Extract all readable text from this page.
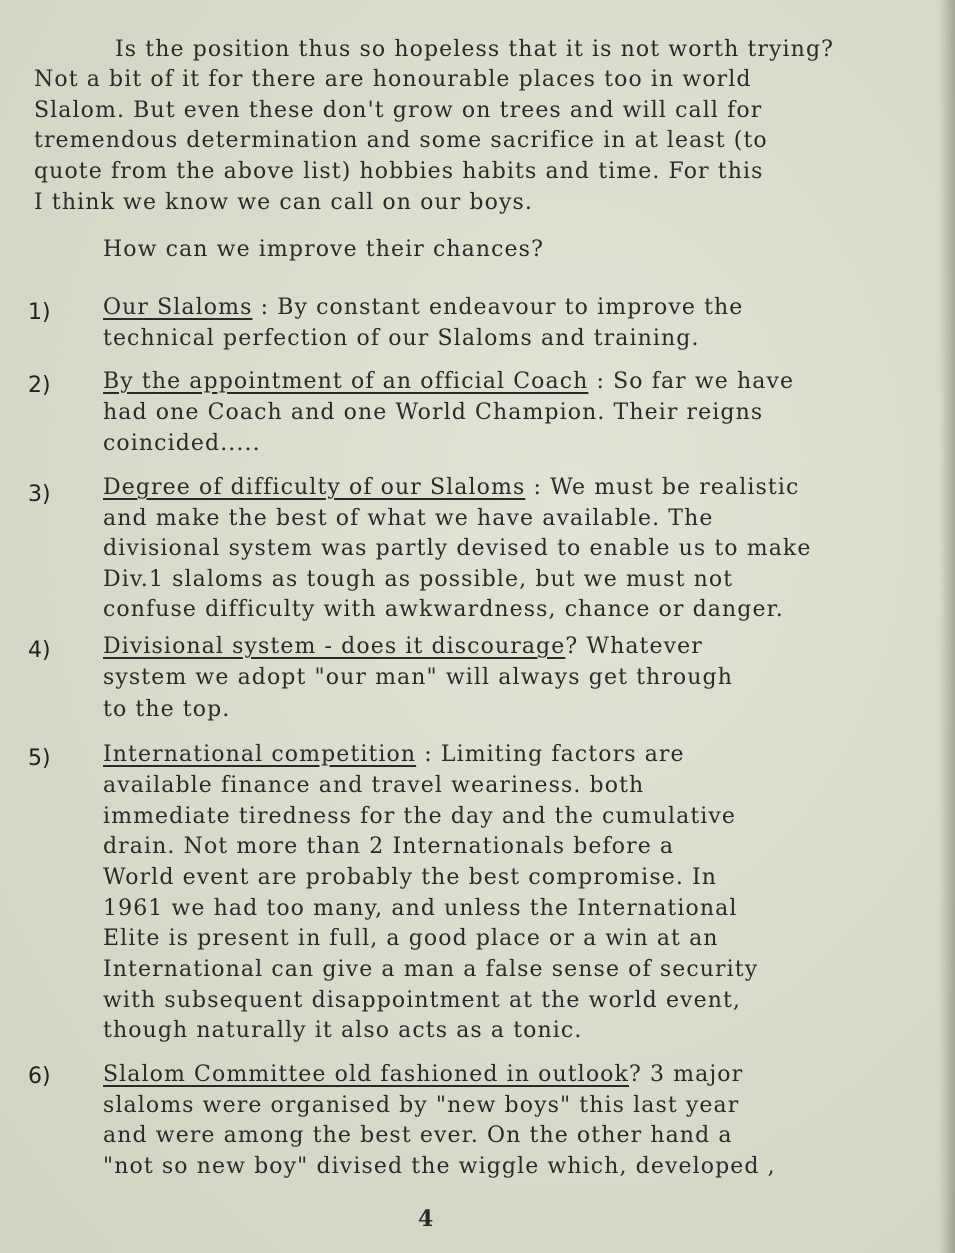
Is the position thus so hopeless that it is not worth trying?
Not a bit of it for there are honourable places too in world
Slalom. But even these don't grow on trees and will call for
tremendous determination and some sacrifice in at least (to
quote from the above list) hobbies habits and time. For this
I think we know we can call on our boys.
How can we improve their chances?
1) Our Slaloms : By constant endeavour to improve the
technical perfection of our Slaloms and training.
2) By the appointment of an official Coach : So far we have
had one Coach and one World Champion. Their reigns
coincided.....
3) Degree of difficulty of our Slaloms : We must be realistic
and make the best of what we have available. The
divisional system was partly devised to enable us to make
Div.1 slaloms as tough as possible, but we must not
confuse difficulty with awkwardness, chance or danger.
4) Divisional system - does it discourage? Whatever
system we adopt "our man" will always get through
to the top.
5) International competition : Limiting factors are
available finance and travel weariness. both
immediate tiredness for the day and the cumulative
drain. Not more than 2 Internationals before a
World event are probably the best compromise. In
1961 we had too many, and unless the International
Elite is present in full, a good place or a win at an
International can give a man a false sense of security
with subsequent disappointment at the world event,
though naturally it also acts as a tonic.
6) Slalom Committee old fashioned in outlook? 3 major
slaloms were organised by "new boys" this last year
and were among the best ever. On the other hand a
"not so new boy" divised the wiggle which, developed ,
4
